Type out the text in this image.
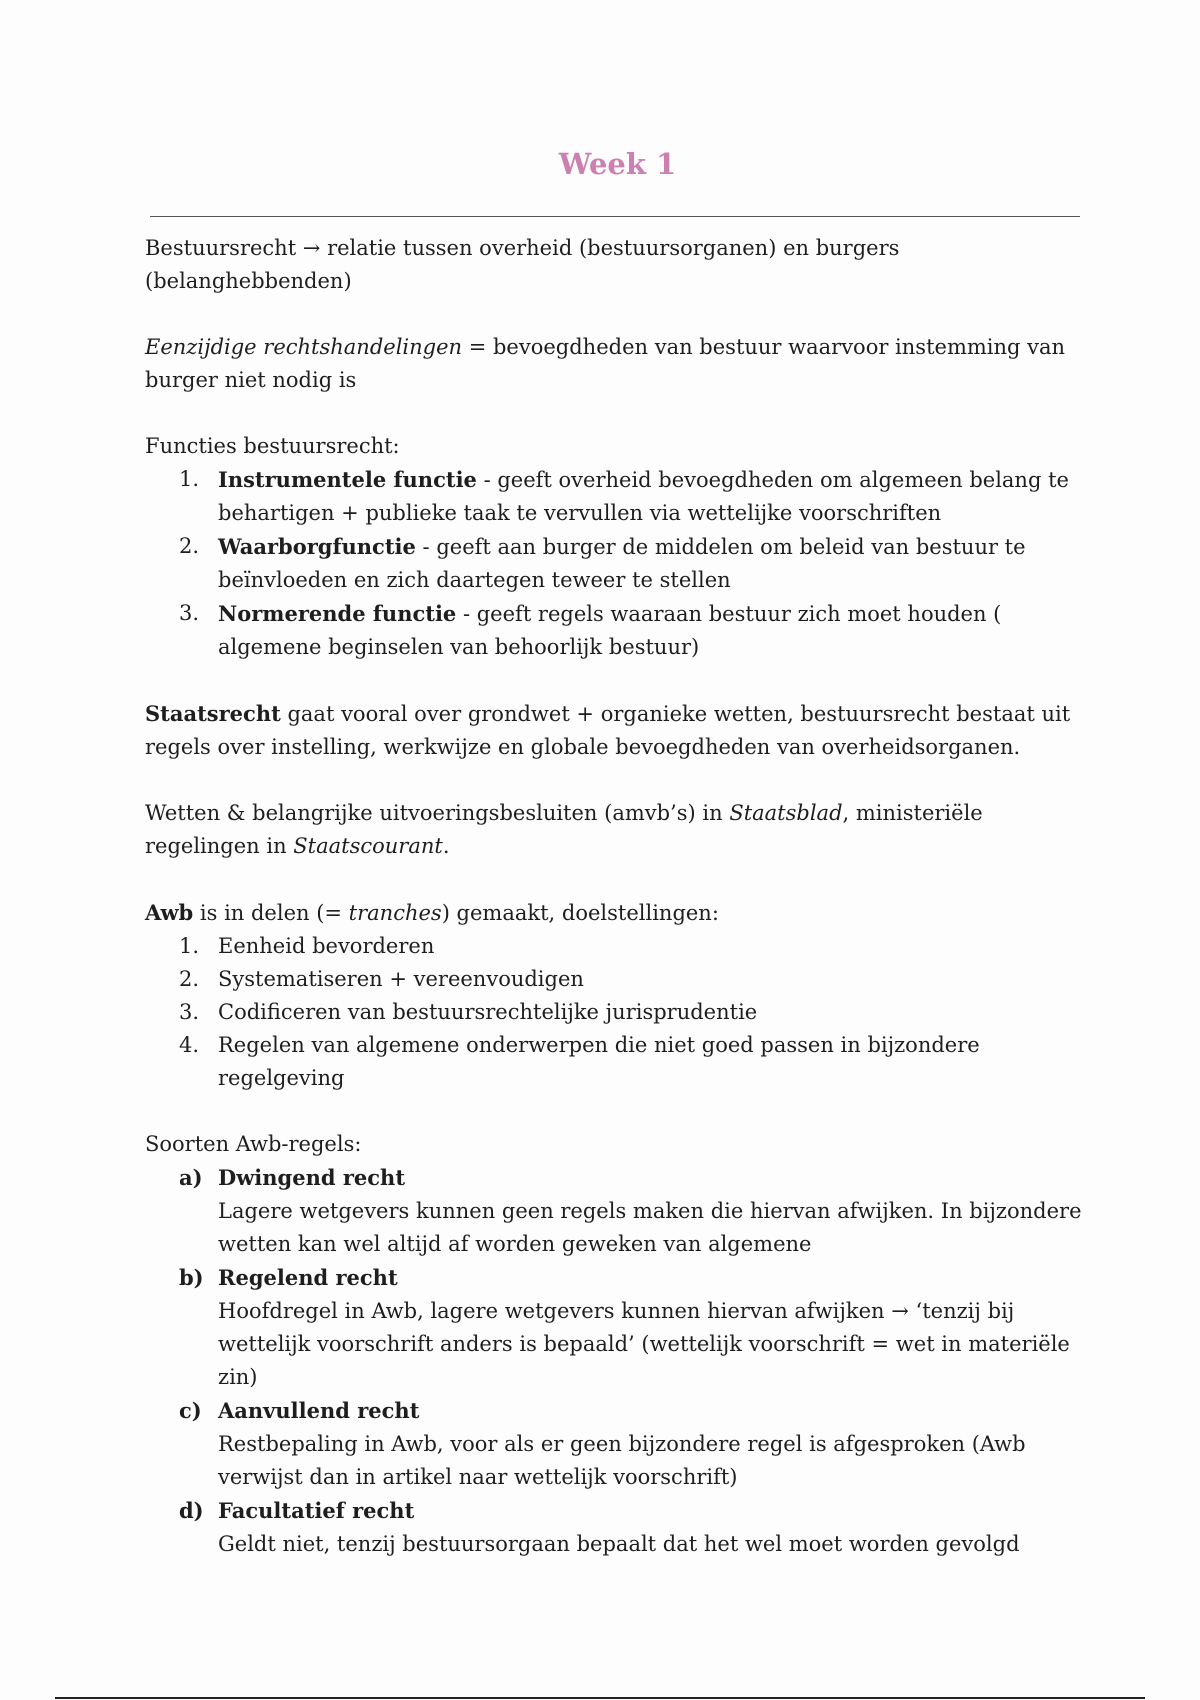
Week 1

Bestuursrecht → relatie tussen overheid (bestuursorganen) en burgers (belanghebbenden)

Eenzijdige rechtshandelingen = bevoegdheden van bestuur waarvoor instemming van burger niet nodig is

Functies bestuursrecht:

1. Instrumentele functie - geeft overheid bevoegdheden om algemeen belang te behartigen + publieke taak te vervullen via wettelijke voorschriften
2. Waarborgfunctie - geeft aan burger de middelen om beleid van bestuur te beïnvloeden en zich daartegen teweer te stellen
3. Normerende functie - geeft regels waaraan bestuur zich moet houden ( algemene beginselen van behoorlijk bestuur)

Staatsrecht gaat vooral over grondwet + organieke wetten, bestuursrecht bestaat uit regels over instelling, werkwijze en globale bevoegdheden van overheidsorganen.

Wetten & belangrijke uitvoeringsbesluiten (amvb’s) in Staatsblad, ministeriële regelingen in Staatscourant.

Awb is in delen (= tranches) gemaakt, doelstellingen:

1. Eenheid bevorderen
2. Systematiseren + vereenvoudigen
3. Codificeren van bestuursrechtelijke jurisprudentie
4. Regelen van algemene onderwerpen die niet goed passen in bijzondere regelgeving

Soorten Awb-regels:

a) Dwingend recht
Lagere wetgevers kunnen geen regels maken die hiervan afwijken. In bijzondere wetten kan wel altijd af worden geweken van algemene
b) Regelend recht
Hoofdregel in Awb, lagere wetgevers kunnen hiervan afwijken → ‘tenzij bij wettelijk voorschrift anders is bepaald’ (wettelijk voorschrift = wet in materiële zin)
c) Aanvullend recht
Restbepaling in Awb, voor als er geen bijzondere regel is afgesproken (Awb verwijst dan in artikel naar wettelijk voorschrift)
d) Facultatief recht
Geldt niet, tenzij bestuursorgaan bepaalt dat het wel moet worden gevolgd
